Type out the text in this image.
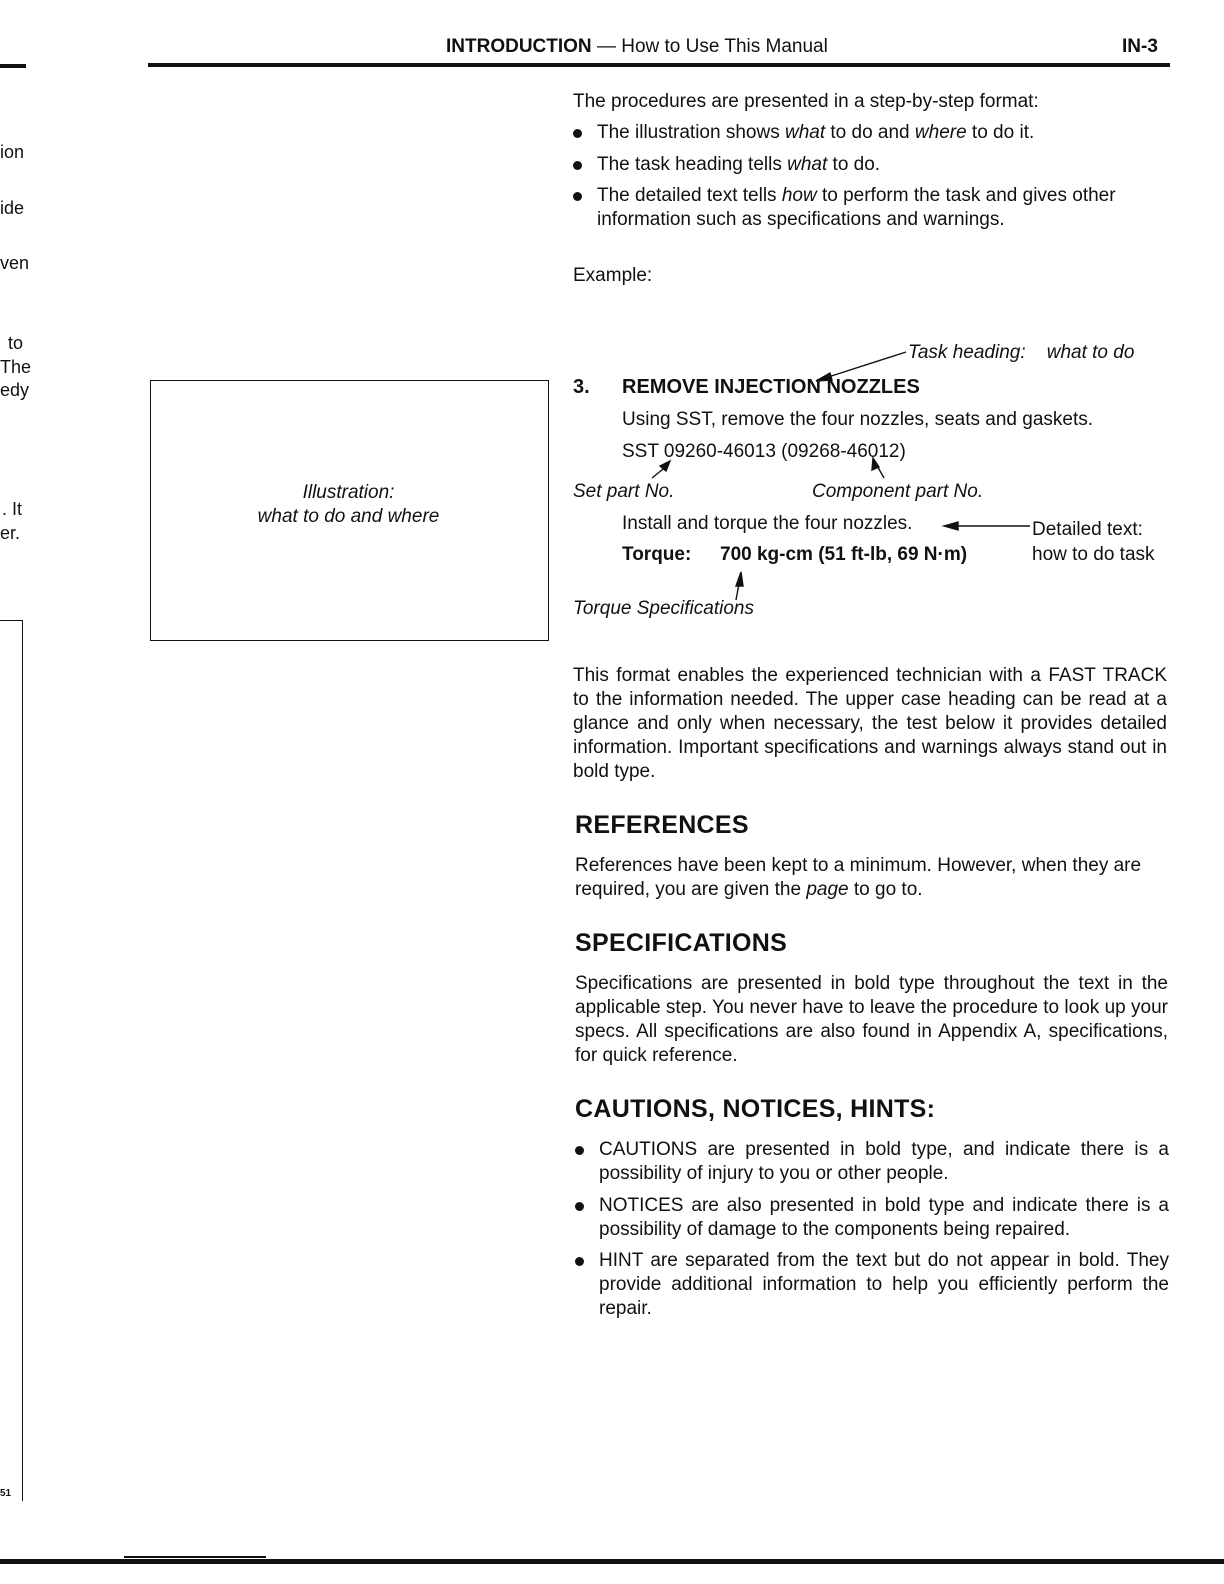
INTRODUCTION — How to Use This Manual	IN-3
ion
ide
ven
to
The
edy
. It
er.
51
The procedures are presented in a step-by-step format:
The illustration shows what to do and where to do it.
The task heading tells what to do.
The detailed text tells how to perform the task and gives other information such as specifications and warnings.
Example:
Illustration:
what to do and where
Task heading: what to do
3. REMOVE INJECTION NOZZLES
Using SST, remove the four nozzles, seats and gaskets.
SST 09260-46013 (09268-46012)
Set part No.	Component part No.
Install and torque the four nozzles.	Detailed text:
how to do task
Torque: 700 kg-cm (51 ft-lb, 69 N·m)
Torque Specifications
This format enables the experienced technician with a FAST TRACK to the information needed. The upper case heading can be read at a glance and only when necessary, the test below it provides detailed information. Important specifications and warnings always stand out in bold type.
REFERENCES
References have been kept to a minimum. However, when they are required, you are given the page to go to.
SPECIFICATIONS
Specifications are presented in bold type throughout the text in the applicable step. You never have to leave the procedure to look up your specs. All specifications are also found in Appendix A, specifications, for quick reference.
CAUTIONS, NOTICES, HINTS:
CAUTIONS are presented in bold type, and indicate there is a possibility of injury to you or other people.
NOTICES are also presented in bold type and indicate there is a possibility of damage to the components being repaired.
HINT are separated from the text but do not appear in bold. They provide additional information to help you efficiently perform the repair.
